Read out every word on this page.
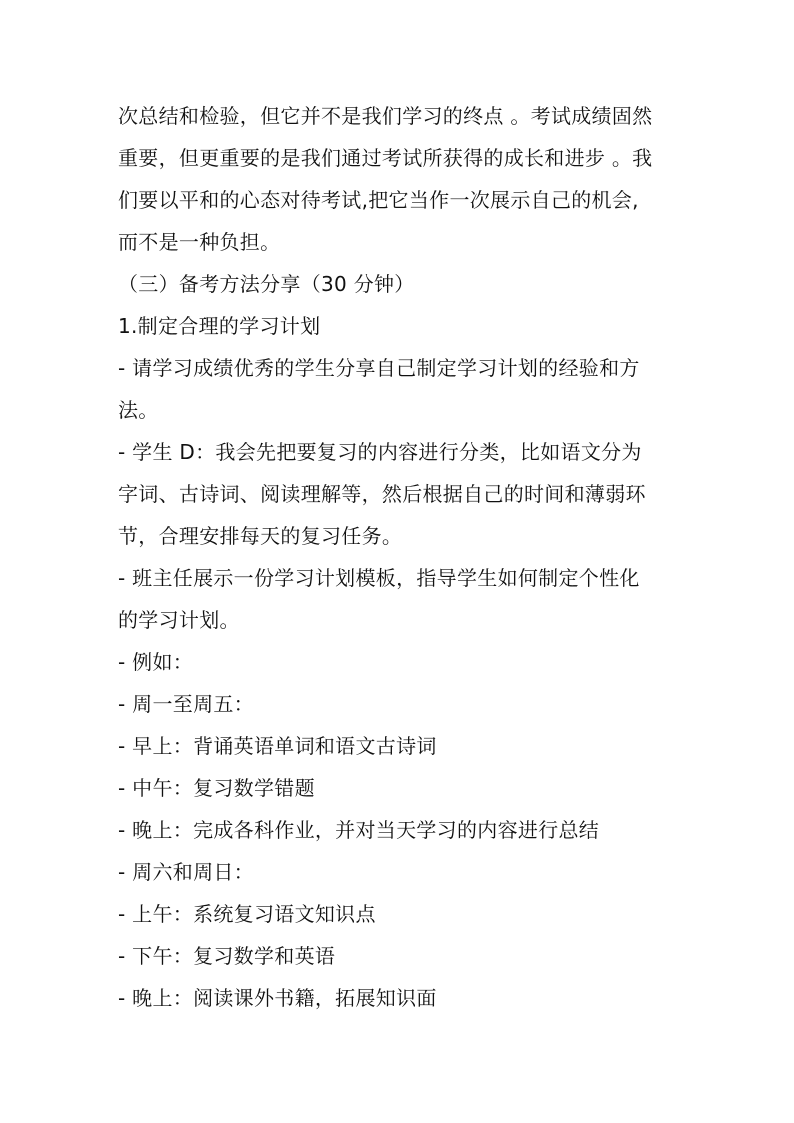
次总结和检验，但它并不是我们学习的终点 。考试成绩固然
重要，但更重要的是我们通过考试所获得的成长和进步 。我
们要以平和的心态对待考试,把它当作一次展示自己的机会,
而不是一种负担。
（三）备考方法分享（30 分钟）
1.制定合理的学习计划
- 请学习成绩优秀的学生分享自己制定学习计划的经验和方
法。
- 学生 D：我会先把要复习的内容进行分类，比如语文分为
字词、古诗词、阅读理解等，然后根据自己的时间和薄弱环
节，合理安排每天的复习任务。
- 班主任展示一份学习计划模板，指导学生如何制定个性化
的学习计划。
- 例如：
- 周一至周五：
- 早上：背诵英语单词和语文古诗词
- 中午：复习数学错题
- 晚上：完成各科作业，并对当天学习的内容进行总结
- 周六和周日：
- 上午：系统复习语文知识点
- 下午：复习数学和英语
- 晚上：阅读课外书籍，拓展知识面
